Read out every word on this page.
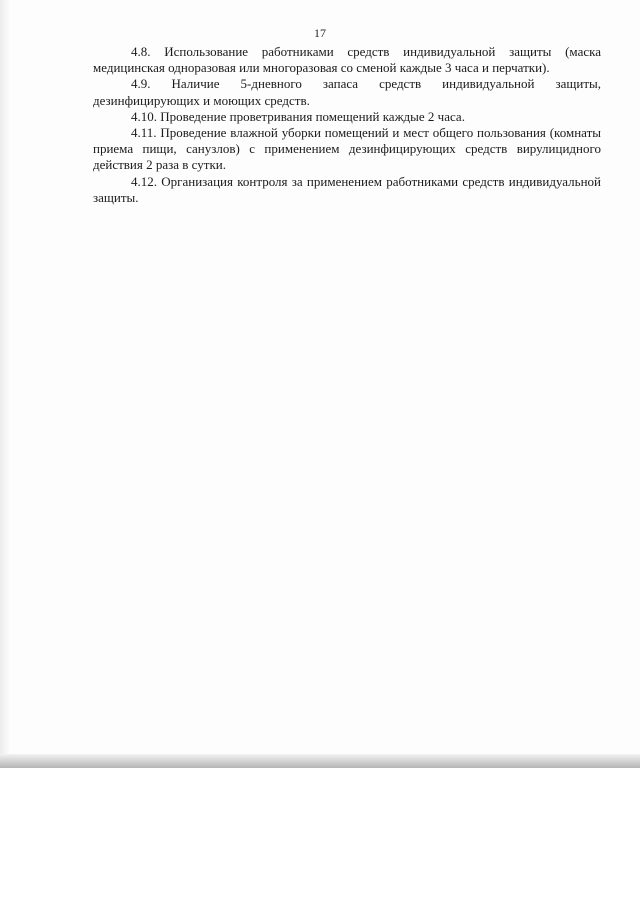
17

4.8. Использование работниками средств индивидуальной защиты (маска медицинская одноразовая или многоразовая со сменой каждые 3 часа и перчатки).

4.9. Наличие 5-дневного запаса средств индивидуальной защиты, дезинфицирующих и моющих средств.

4.10. Проведение проветривания помещений каждые 2 часа.

4.11. Проведение влажной уборки помещений и мест общего пользования (комнаты приема пищи, санузлов) с применением дезинфицирующих средств вирулицидного действия 2 раза в сутки.

4.12. Организация контроля за применением работниками средств индивидуальной защиты.
